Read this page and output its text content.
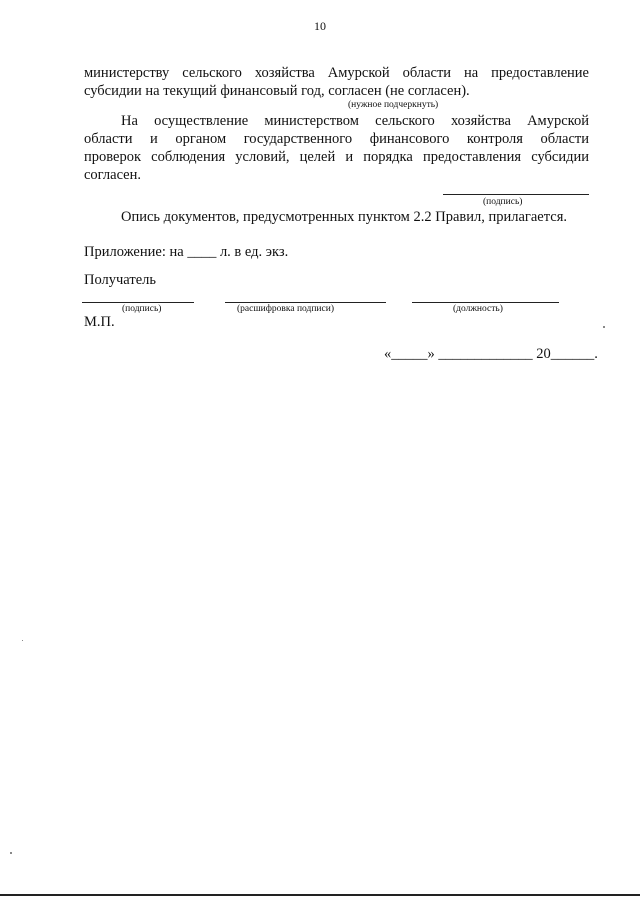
10
министерству сельского хозяйства Амурской области на предоставление
субсидии на текущий финансовый год, согласен (не согласен).
(нужное подчеркнуть)
На осуществление министерством сельского хозяйства Амурской
области и органом государственного финансового контроля области
проверок соблюдения условий, целей и порядка предоставления субсидии
согласен.
(подпись)
Опись документов, предусмотренных пунктом 2.2 Правил, прилагается.
Приложение: на ____ л. в ед. экз.
Получатель
(подпись)	(расшифровка подписи)	(должность)
М.П.
«_____» _____________ 20______.
